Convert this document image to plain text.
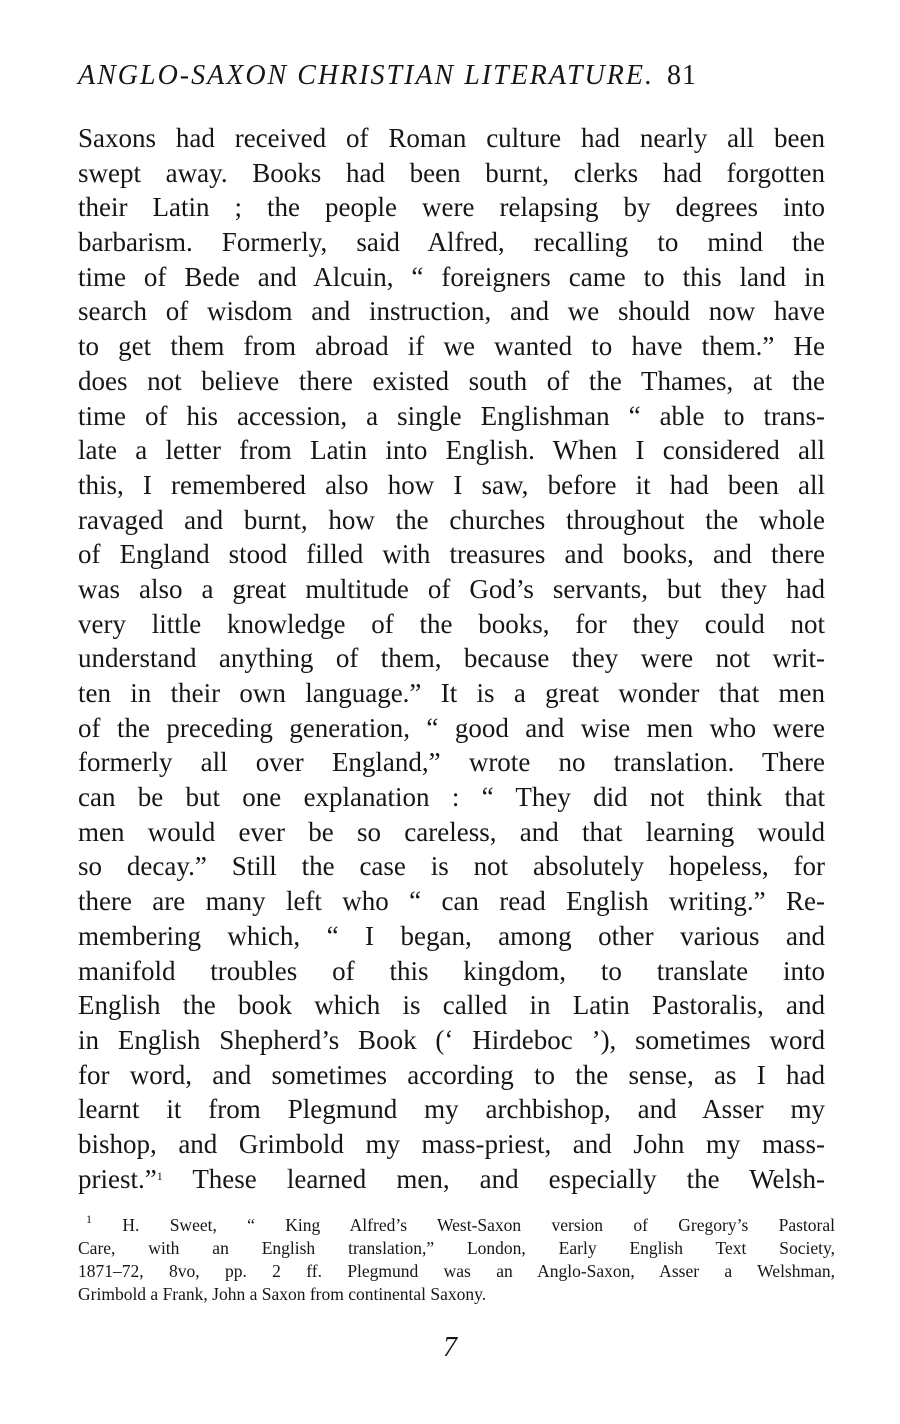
ANGLO-SAXON CHRISTIAN LITERATURE. 81
Saxons had received of Roman culture had nearly all been
swept away. Books had been burnt, clerks had forgotten
their Latin ; the people were relapsing by degrees into
barbarism. Formerly, said Alfred, recalling to mind the
time of Bede and Alcuin, “ foreigners came to this land in
search of wisdom and instruction, and we should now have
to get them from abroad if we wanted to have them.” He
does not believe there existed south of the Thames, at the
time of his accession, a single Englishman “ able to trans-
late a letter from Latin into English. When I considered all
this, I remembered also how I saw, before it had been all
ravaged and burnt, how the churches throughout the whole
of England stood filled with treasures and books, and there
was also a great multitude of God’s servants, but they had
very little knowledge of the books, for they could not
understand anything of them, because they were not writ-
ten in their own language.” It is a great wonder that men
of the preceding generation, “ good and wise men who were
formerly all over England,” wrote no translation. There
can be but one explanation : “ They did not think that
men would ever be so careless, and that learning would
so decay.” Still the case is not absolutely hopeless, for
there are many left who “ can read English writing.” Re-
membering which, “ I began, among other various and
manifold troubles of this kingdom, to translate into
English the book which is called in Latin Pastoralis, and
in English Shepherd’s Book (‘ Hirdeboc ’), sometimes word
for word, and sometimes according to the sense, as I had
learnt it from Plegmund my archbishop, and Asser my
bishop, and Grimbold my mass-priest, and John my mass-
priest.”$^1$ These learned men, and especially the Welsh-
$^1$ H. Sweet, “ King Alfred’s West-Saxon version of Gregory’s Pastoral
Care, with an English translation,” London, Early English Text Society,
1871–72, 8vo, pp. 2 ff. Plegmund was an Anglo-Saxon, Asser a Welshman,
Grimbold a Frank, John a Saxon from continental Saxony.
7
